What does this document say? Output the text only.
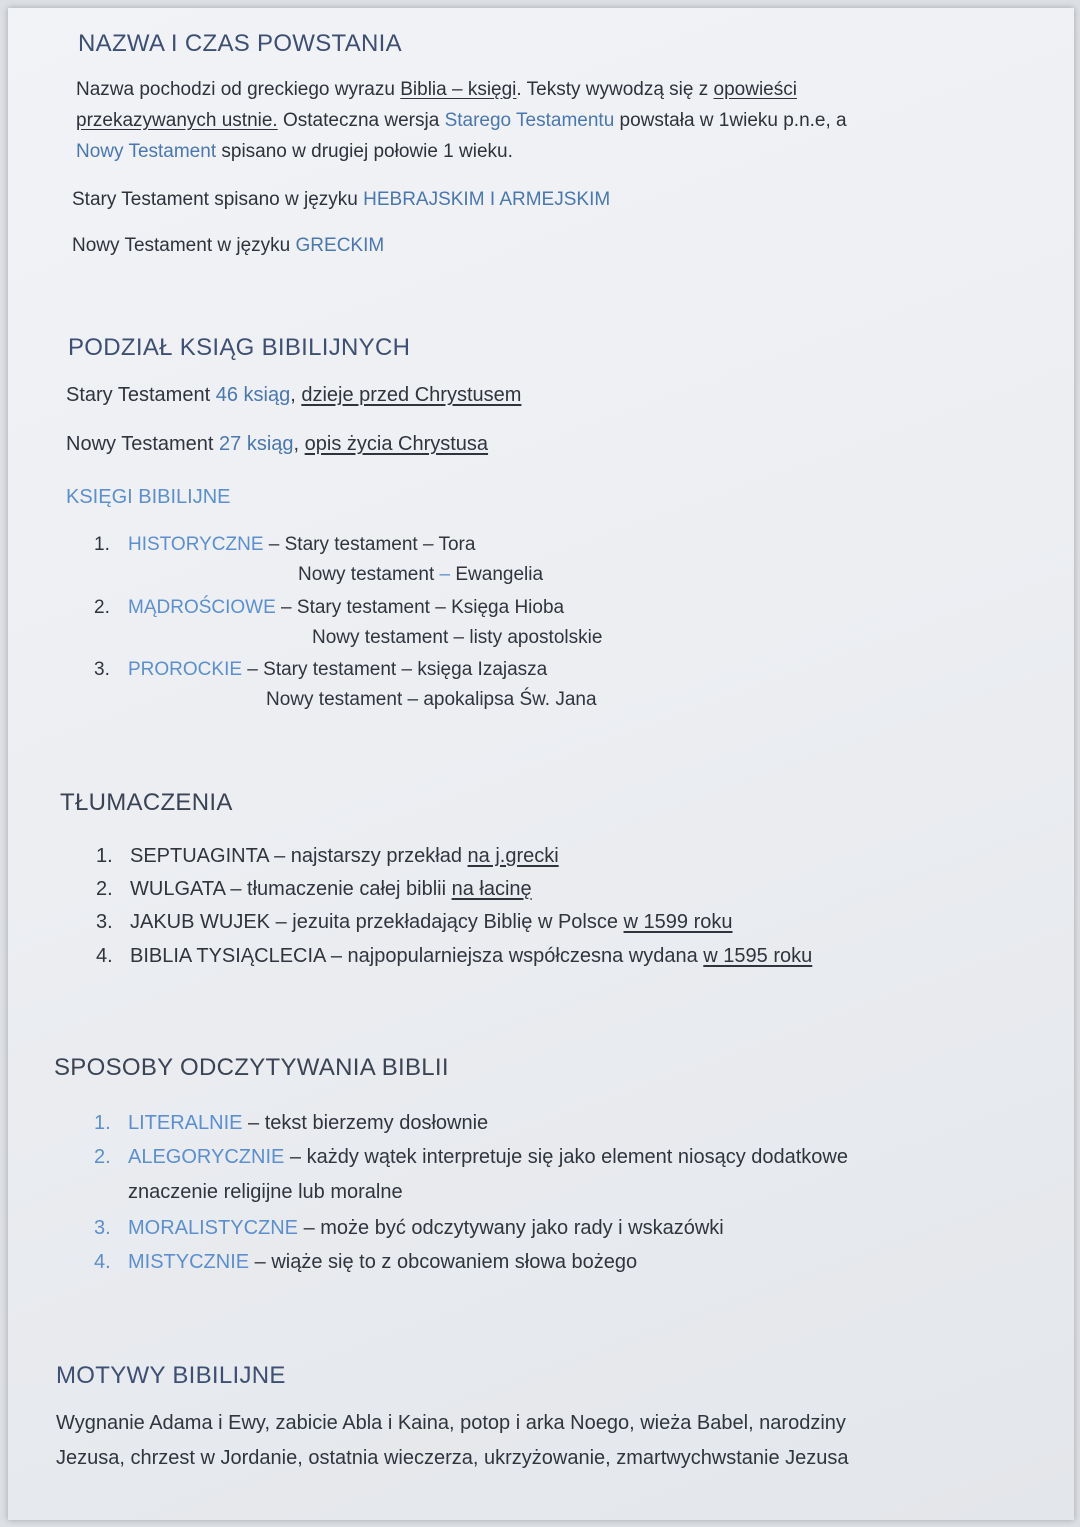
NAZWA I CZAS POWSTANIA
Nazwa pochodzi od greckiego wyrazu Biblia – księgi. Teksty wywodzą się z opowieści
przekazywanych ustnie. Ostateczna wersja Starego Testamentu powstała w 1wieku p.n.e, a
Nowy Testament spisano w drugiej połowie 1 wieku.
Stary Testament spisano w języku HEBRAJSKIM I ARMEJSKIM
Nowy Testament w języku GRECKIM
PODZIAŁ KSIĄG BIBILIJNYCH
Stary Testament 46 ksiąg, dzieje przed Chrystusem
Nowy Testament 27 ksiąg, opis życia Chrystusa
KSIĘGI BIBILIJNE
1. HISTORYCZNE – Stary testament – Tora
Nowy testament – Ewangelia
2. MĄDROŚCIOWE – Stary testament – Księga Hioba
Nowy testament – listy apostolskie
3. PROROCKIE – Stary testament – księga Izajasza
Nowy testament – apokalipsa Św. Jana
TŁUMACZENIA
1. SEPTUAGINTA – najstarszy przekład na j.grecki
2. WULGATA – tłumaczenie całej biblii na łacinę
3. JAKUB WUJEK – jezuita przekładający Biblię w Polsce w 1599 roku
4. BIBLIA TYSIĄCLECIA – najpopularniejsza współczesna wydana w 1595 roku
SPOSOBY ODCZYTYWANIA BIBLII
1. LITERALNIE – tekst bierzemy dosłownie
2. ALEGORYCZNIE – każdy wątek interpretuje się jako element niosący dodatkowe
znaczenie religijne lub moralne
3. MORALISTYCZNE – może być odczytywany jako rady i wskazówki
4. MISTYCZNIE – wiąże się to z obcowaniem słowa bożego
MOTYWY BIBILIJNE
Wygnanie Adama i Ewy, zabicie Abla i Kaina, potop i arka Noego, wieża Babel, narodziny
Jezusa, chrzest w Jordanie, ostatnia wieczerza, ukrzyżowanie, zmartwychwstanie Jezusa
